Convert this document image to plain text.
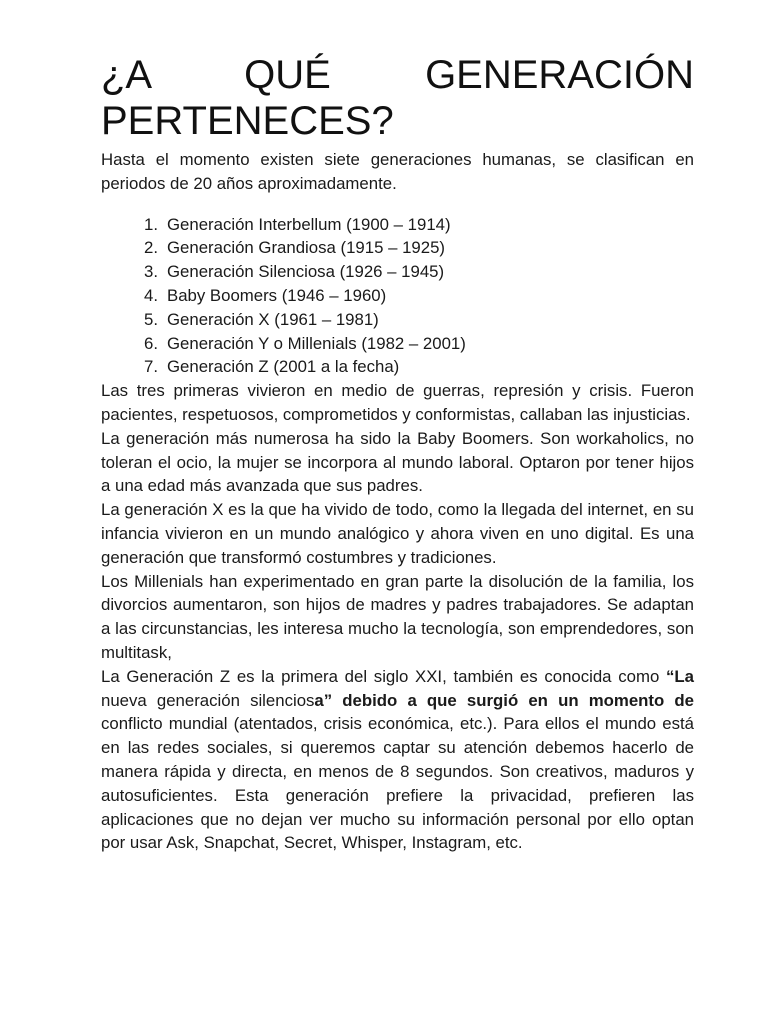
¿A QUÉ GENERACIÓN
PERTENECES?

Hasta el momento existen siete generaciones humanas, se clasifican en periodos de 20 años aproximadamente.

1. Generación Interbellum (1900 – 1914)
2. Generación Grandiosa (1915 – 1925)
3. Generación Silenciosa (1926 – 1945)
4. Baby Boomers (1946 – 1960)
5. Generación X (1961 – 1981)
6. Generación Y o Millenials (1982 – 2001)
7. Generación Z (2001 a la fecha)

Las tres primeras vivieron en medio de guerras, represión y crisis. Fueron pacientes, respetuosos, comprometidos y conformistas, callaban las injusticias.

La generación más numerosa ha sido la Baby Boomers. Son workaholics, no toleran el ocio, la mujer se incorpora al mundo laboral. Optaron por tener hijos a una edad más avanzada que sus padres.

La generación X es la que ha vivido de todo, como la llegada del internet, en su infancia vivieron en un mundo analógico y ahora viven en uno digital. Es una generación que transformó costumbres y tradiciones.

Los Millenials han experimentado en gran parte la disolución de la familia, los divorcios aumentaron, son hijos de madres y padres trabajadores. Se adaptan a las circunstancias, les interesa mucho la tecnología, son emprendedores, son multitask,

La Generación Z es la primera del siglo XXI, también es conocida como “La nueva generación silenciosa” debido a que surgió en un momento de conflicto mundial (atentados, crisis económica, etc.). Para ellos el mundo está en las redes sociales, si queremos captar su atención debemos hacerlo de manera rápida y directa, en menos de 8 segundos. Son creativos, maduros y autosuficientes. Esta generación prefiere la privacidad, prefieren las aplicaciones que no dejan ver mucho su información personal por ello optan por usar Ask, Snapchat, Secret, Whisper, Instagram, etc.
